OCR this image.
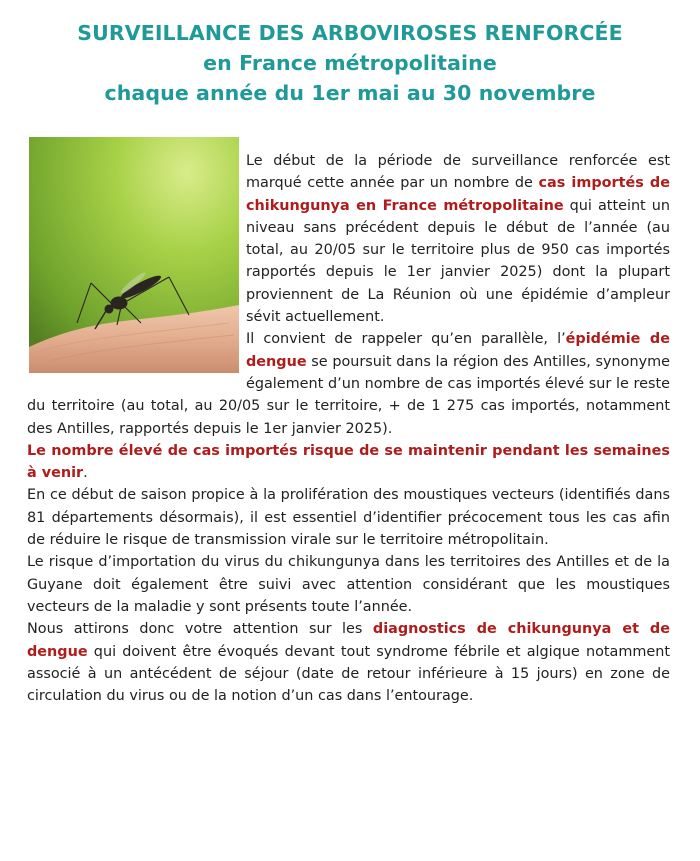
SURVEILLANCE DES ARBOVIROSES RENFORCÉE
en France métropolitaine
chaque année du 1er mai au 30 novembre

Le début de la période de surveillance renforcée est marqué cette année par un nombre de cas importés de chikungunya en France métropolitaine qui atteint un niveau sans précédent depuis le début de l’année (au total, au 20/05 sur le territoire plus de 950 cas importés rapportés depuis le 1er janvier 2025) dont la plupart proviennent de La Réunion où une épidémie d’ampleur sévit actuellement.

Il convient de rappeler qu’en parallèle, l’épidémie de dengue se poursuit dans la région des Antilles, synonyme également d’un nombre de cas importés élevé sur le reste du territoire (au total, au 20/05 sur le territoire, + de 1 275 cas importés, notamment des Antilles, rapportés depuis le 1er janvier 2025).

Le nombre élevé de cas importés risque de se maintenir pendant les semaines à venir.

En ce début de saison propice à la prolifération des moustiques vecteurs (identifiés dans 81 départements désormais), il est essentiel d’identifier précocement tous les cas afin de réduire le risque de transmission virale sur le territoire métropolitain.

Le risque d’importation du virus du chikungunya dans les territoires des Antilles et de la Guyane doit également être suivi avec attention considérant que les moustiques vecteurs de la maladie y sont présents toute l’année.

Nous attirons donc votre attention sur les diagnostics de chikungunya et de dengue qui doivent être évoqués devant tout syndrome fébrile et algique notamment associé à un antécédent de séjour (date de retour inférieure à 15 jours) en zone de circulation du virus ou de la notion d’un cas dans l’entourage.
